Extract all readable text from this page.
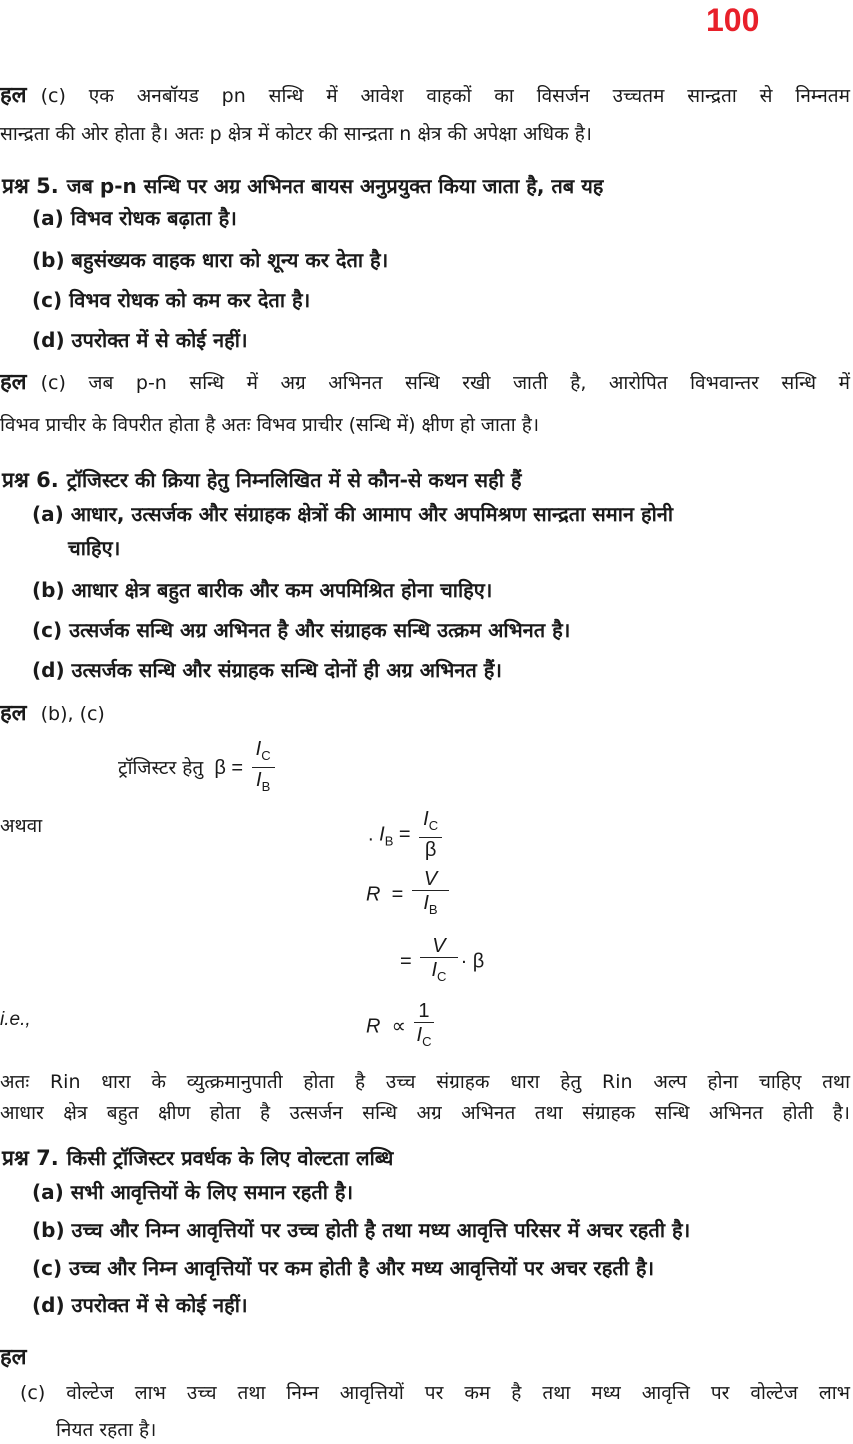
100
हल (c) एक अनबॉयड pn सन्धि में आवेश वाहकों का विसर्जन उच्चतम सान्द्रता से निम्नतम
सान्द्रता की ओर होता है। अतः p क्षेत्र में कोटर की सान्द्रता n क्षेत्र की अपेक्षा अधिक है।
प्रश्न 5. जब p-n सन्धि पर अग्र अभिनत बायस अनुप्रयुक्त किया जाता है, तब यह
(a) विभव रोधक बढ़ाता है।
(b) बहुसंख्यक वाहक धारा को शून्य कर देता है।
(c) विभव रोधक को कम कर देता है।
(d) उपरोक्त में से कोई नहीं।
हल (c) जब p-n सन्धि में अग्र अभिनत सन्धि रखी जाती है, आरोपित विभवान्तर सन्धि में
विभव प्राचीर के विपरीत होता है अतः विभव प्राचीर (सन्धि में) क्षीण हो जाता है।
प्रश्न 6. ट्रॉजिस्टर की क्रिया हेतु निम्नलिखित में से कौन-से कथन सही हैं
(a) आधार, उत्सर्जक और संग्राहक क्षेत्रों की आमाप और अपमिश्रण सान्द्रता समान होनी
चाहिए।
(b) आधार क्षेत्र बहुत बारीक और कम अपमिश्रित होना चाहिए।
(c) उत्सर्जक सन्धि अग्र अभिनत है और संग्राहक सन्धि उत्क्रम अभिनत है।
(d) उत्सर्जक सन्धि और संग्राहक सन्धि दोनों ही अग्र अभिनत हैं।
हल (b), (c)
ट्रॉजिस्टर हेतु  $\beta = \frac{I_C}{I_B}$
अथवा	. $I_B = \frac{I_C}{\beta}$
$R = \frac{V}{I_B}$
= $\frac{V}{I_C} \cdot \beta$
i.e.,	$R \propto \frac{1}{I_C}$
अतः Rin धारा के व्युत्क्रमानुपाती होता है उच्च संग्राहक धारा हेतु Rin अल्प होना चाहिए तथा
आधार क्षेत्र बहुत क्षीण होता है उत्सर्जन सन्धि अग्र अभिनत तथा संग्राहक सन्धि अभिनत होती है।
प्रश्न 7. किसी ट्रॉजिस्टर प्रवर्धक के लिए वोल्टता लब्धि
(a) सभी आवृत्तियों के लिए समान रहती है।
(b) उच्च और निम्न आवृत्तियों पर उच्च होती है तथा मध्य आवृत्ति परिसर में अचर रहती है।
(c) उच्च और निम्न आवृत्तियों पर कम होती है और मध्य आवृत्तियों पर अचर रहती है।
(d) उपरोक्त में से कोई नहीं।
हल
(c) वोल्टेज लाभ उच्च तथा निम्न आवृत्तियों पर कम है तथा मध्य आवृत्ति पर वोल्टेज लाभ
नियत रहता है।
